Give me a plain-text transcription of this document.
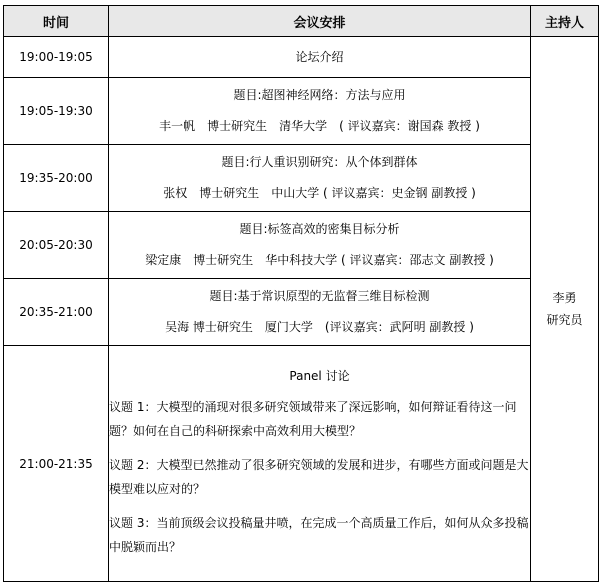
时间	会议安排	主持人
19:00-19:05	论坛介绍	李勇
研究员

19:05-19:30	题目:超图神经网络：方法与应用

丰一帆　博士研究生　清华大学　( 评议嘉宾：谢国森 教授 )	

19:35-20:00	题目:行人重识别研究：从个体到群体

张权　博士研究生　中山大学 ( 评议嘉宾：史金钢 副教授 )	

20:05-20:30	题目:标签高效的密集目标分析

梁定康　博士研究生　华中科技大学 ( 评议嘉宾：邵志文 副教授 )	

20:35-21:00	题目:基于常识原型的无监督三维目标检测

吴海 博士研究生　厦门大学　(评议嘉宾：武阿明 副教授 )	

21:00-21:35	Panel 讨论

议题 1：大模型的涌现对很多研究领域带来了深远影响，如何辩证看待这一问题？如何在自己的科研探索中高效利用大模型？

议题 2：大模型已然推动了很多研究领域的发展和进步，有哪些方面或问题是大模型难以应对的？

议题 3：当前顶级会议投稿量井喷，在完成一个高质量工作后，如何从众多投稿中脱颖而出？	
